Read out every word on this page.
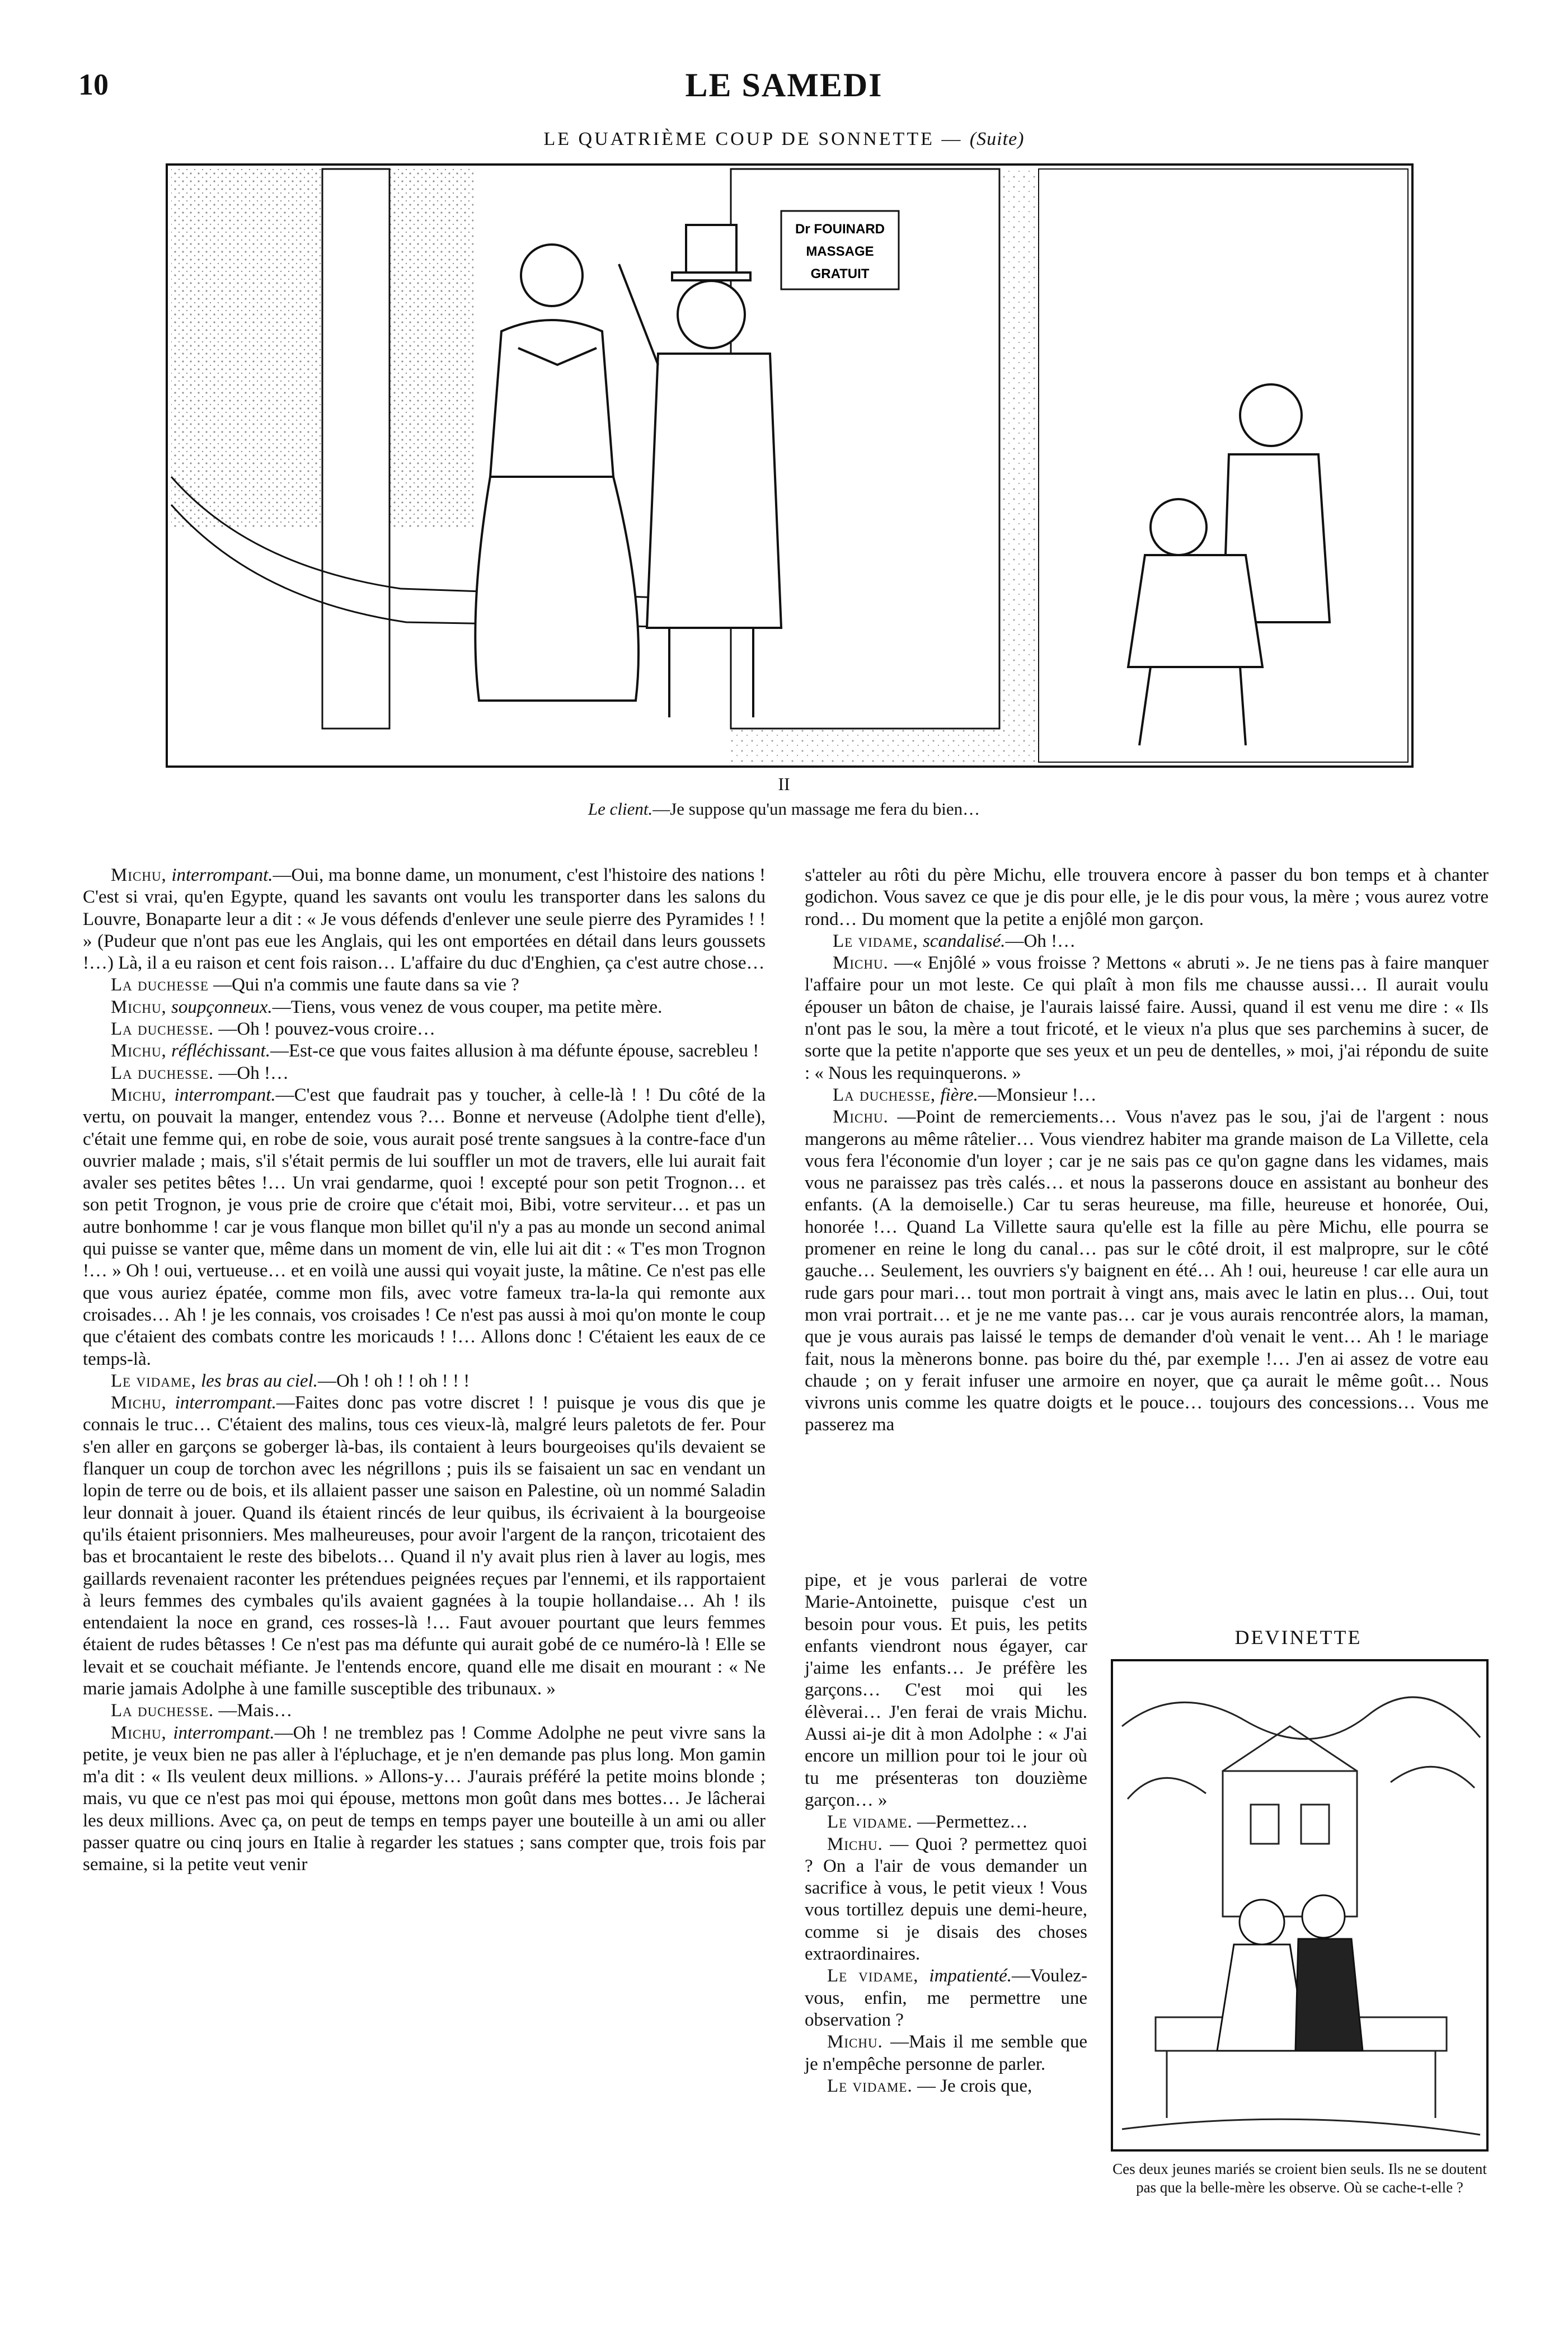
10	LE SAMEDI
LE QUATRIÈME COUP DE SONNETTE — (Suite)
Dr FOUINARD
MASSAGE
GRATUIT
II
Le client.—Je suppose qu'un massage me fera du bien…

Michu, interrompant.—Oui, ma bonne dame, un monument, c'est l'histoire des nations ! C'est si vrai, qu'en Egypte, quand les savants ont voulu les transporter dans les salons du Louvre, Bonaparte leur a dit : « Je vous défends d'enlever une seule pierre des Pyramides ! ! » (Pudeur que n'ont pas eue les Anglais, qui les ont emportées en détail dans leurs goussets !…) Là, il a eu raison et cent fois raison… L'affaire du duc d'Enghien, ça c'est autre chose…

La duchesse —Qui n'a commis une faute dans sa vie ?

Michu, soupçonneux.—Tiens, vous venez de vous couper, ma petite mère.

La duchesse. —Oh ! pouvez-vous croire…

Michu, réfléchissant.—Est-ce que vous faites allusion à ma défunte épouse, sacrebleu !

La duchesse. —Oh !…

Michu, interrompant.—C'est que faudrait pas y toucher, à celle-là ! ! Du côté de la vertu, on pouvait la manger, entendez vous ?… Bonne et nerveuse (Adolphe tient d'elle), c'était une femme qui, en robe de soie, vous aurait posé trente sangsues à la contre-face d'un ouvrier malade ; mais, s'il s'était permis de lui souffler un mot de travers, elle lui aurait fait avaler ses petites bêtes !… Un vrai gendarme, quoi ! excepté pour son petit Trognon… et son petit Trognon, je vous prie de croire que c'était moi, Bibi, votre serviteur… et pas un autre bonhomme ! car je vous flanque mon billet qu'il n'y a pas au monde un second animal qui puisse se vanter que, même dans un moment de vin, elle lui ait dit : « T'es mon Trognon !… » Oh ! oui, vertueuse… et en voilà une aussi qui voyait juste, la mâtine. Ce n'est pas elle que vous auriez épatée, comme mon fils, avec votre fameux tra-la-la qui remonte aux croisades… Ah ! je les connais, vos croisades ! Ce n'est pas aussi à moi qu'on monte le coup que c'étaient des combats contre les moricauds ! !… Allons donc ! C'étaient les eaux de ce temps-là.

Le vidame, les bras au ciel.—Oh ! oh ! ! oh ! ! !

Michu, interrompant.—Faites donc pas votre discret ! ! puisque je vous dis que je connais le truc… C'étaient des malins, tous ces vieux-là, malgré leurs paletots de fer. Pour s'en aller en garçons se goberger là-bas, ils contaient à leurs bourgeoises qu'ils devaient se flanquer un coup de torchon avec les négrillons ; puis ils se faisaient un sac en vendant un lopin de terre ou de bois, et ils allaient passer une saison en Palestine, où un nommé Saladin leur donnait à jouer. Quand ils étaient rincés de leur quibus, ils écrivaient à la bourgeoise qu'ils étaient prisonniers. Mes malheureuses, pour avoir l'argent de la rançon, tricotaient des bas et brocantaient le reste des bibelots… Quand il n'y avait plus rien à laver au logis, mes gaillards revenaient raconter les prétendues peignées reçues par l'ennemi, et ils rapportaient à leurs femmes des cymbales qu'ils avaient gagnées à la toupie hollandaise… Ah ! ils entendaient la noce en grand, ces rosses-là !… Faut avouer pourtant que leurs femmes étaient de rudes bêtasses ! Ce n'est pas ma défunte qui aurait gobé de ce numéro-là ! Elle se levait et se couchait méfiante. Je l'entends encore, quand elle me disait en mourant : « Ne marie jamais Adolphe à une famille susceptible des tribunaux. »

La duchesse. —Mais…

Michu, interrompant.—Oh ! ne tremblez pas ! Comme Adolphe ne peut vivre sans la petite, je veux bien ne pas aller à l'épluchage, et je n'en demande pas plus long. Mon gamin m'a dit : « Ils veulent deux millions. » Allons-y… J'aurais préféré la petite moins blonde ; mais, vu que ce n'est pas moi qui épouse, mettons mon goût dans mes bottes… Je lâcherai les deux millions. Avec ça, on peut de temps en temps payer une bouteille à un ami ou aller passer quatre ou cinq jours en Italie à regarder les statues ; sans compter que, trois fois par semaine, si la petite veut venir

s'atteler au rôti du père Michu, elle trouvera encore à passer du bon temps et à chanter godichon. Vous savez ce que je dis pour elle, je le dis pour vous, la mère ; vous aurez votre rond… Du moment que la petite a enjôlé mon garçon.

Le vidame, scandalisé.—Oh !…

Michu. —« Enjôlé » vous froisse ? Mettons « abruti ». Je ne tiens pas à faire manquer l'affaire pour un mot leste. Ce qui plaît à mon fils me chausse aussi… Il aurait voulu épouser un bâton de chaise, je l'aurais laissé faire. Aussi, quand il est venu me dire : « Ils n'ont pas le sou, la mère a tout fricoté, et le vieux n'a plus que ses parchemins à sucer, de sorte que la petite n'apporte que ses yeux et un peu de dentelles, » moi, j'ai répondu de suite : « Nous les requinquerons. »

La duchesse, fière.—Monsieur !…

Michu. —Point de remerciements… Vous n'avez pas le sou, j'ai de l'argent : nous mangerons au même râtelier… Vous viendrez habiter ma grande maison de La Villette, cela vous fera l'économie d'un loyer ; car je ne sais pas ce qu'on gagne dans les vidames, mais vous ne paraissez pas très calés… et nous la passerons douce en assistant au bonheur des enfants. (A la demoiselle.) Car tu seras heureuse, ma fille, heureuse et honorée, Oui, honorée !… Quand La Villette saura qu'elle est la fille au père Michu, elle pourra se promener en reine le long du canal… pas sur le côté droit, il est malpropre, sur le côté gauche… Seulement, les ouvriers s'y baignent en été… Ah ! oui, heureuse ! car elle aura un rude gars pour mari… tout mon portrait à vingt ans, mais avec le latin en plus… Oui, tout mon vrai portrait… et je ne me vante pas… car je vous aurais rencontrée alors, la maman, que je vous aurais pas laissé le temps de demander d'où venait le vent… Ah ! le mariage fait, nous la mènerons bonne. pas boire du thé, par exemple !… J'en ai assez de votre eau chaude ; on y ferait infuser une armoire en noyer, que ça aurait le même goût… Nous vivrons unis comme les quatre doigts et le pouce… toujours des concessions… Vous me passerez ma

pipe, et je vous parlerai de votre Marie-Antoinette, puisque c'est un besoin pour vous. Et puis, les petits enfants viendront nous égayer, car j'aime les enfants… Je préfère les garçons… C'est moi qui les élèverai… J'en ferai de vrais Michu. Aussi ai-je dit à mon Adolphe : « J'ai encore un million pour toi le jour où tu me présenteras ton douzième garçon… »

Le vidame. —Permettez…

Michu. — Quoi ? permettez quoi ? On a l'air de vous demander un sacrifice à vous, le petit vieux ! Vous vous tortillez depuis une demi-heure, comme si je disais des choses extraordinaires.

Le vidame, impatienté.—Voulez-vous, enfin, me permettre une observation ?

Michu. —Mais il me semble que je n'empêche personne de parler.

Le vidame. — Je crois que,

DEVINETTE
Ces deux jeunes mariés se croient bien seuls. Ils ne se doutent pas que la belle-mère les observe. Où se cache-t-elle ?
